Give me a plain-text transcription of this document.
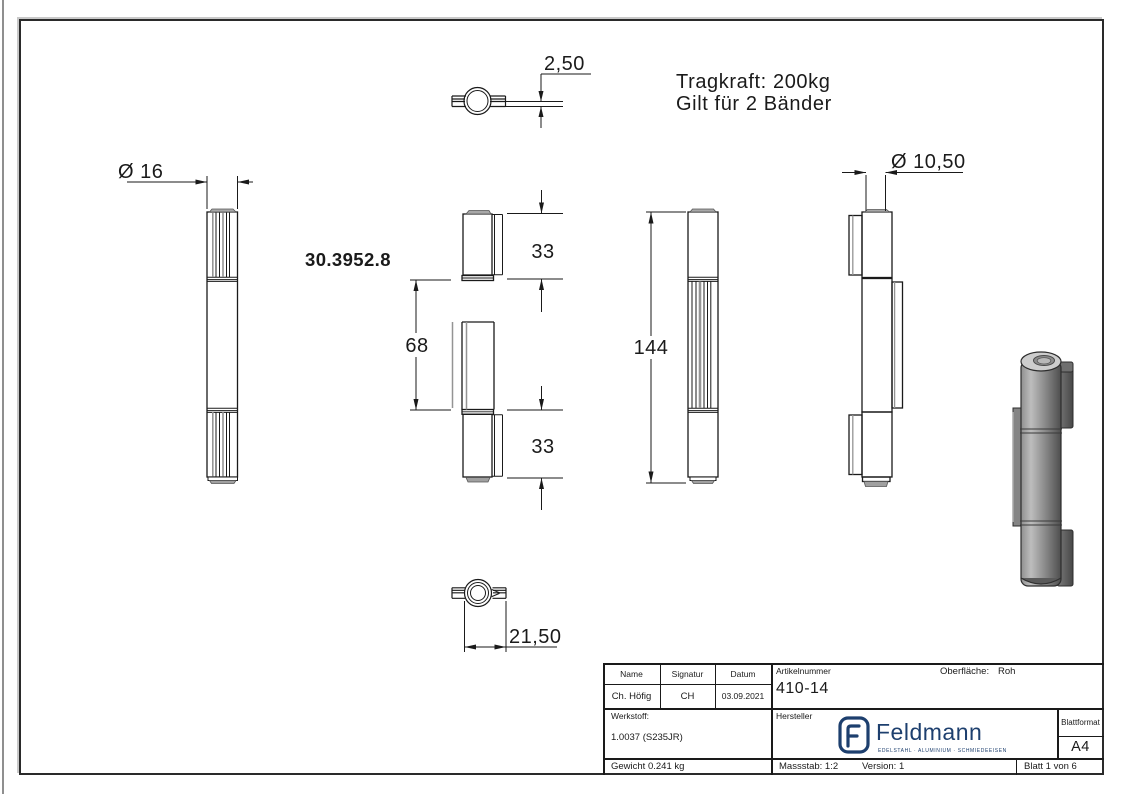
2,50
Ø 16
33
68
33
144
Ø 10,50
21,50
Tragkraft: 200kg
Gilt für 2 Bänder
30.3952.8
Name	Signatur	Datum
Ch. Höfig	CH	03.09.2021
Artikelnummer
410-14
Oberfläche: Roh
Werkstoff:
1.0037 (S235JR)
Hersteller
Feldmann
EDELSTAHL · ALUMINIUM · SCHMIEDEEISEN
Blattformat
A4
Gewicht 0.241 kg	Massstab: 1:2	Version: 1	Blatt 1 von 6
